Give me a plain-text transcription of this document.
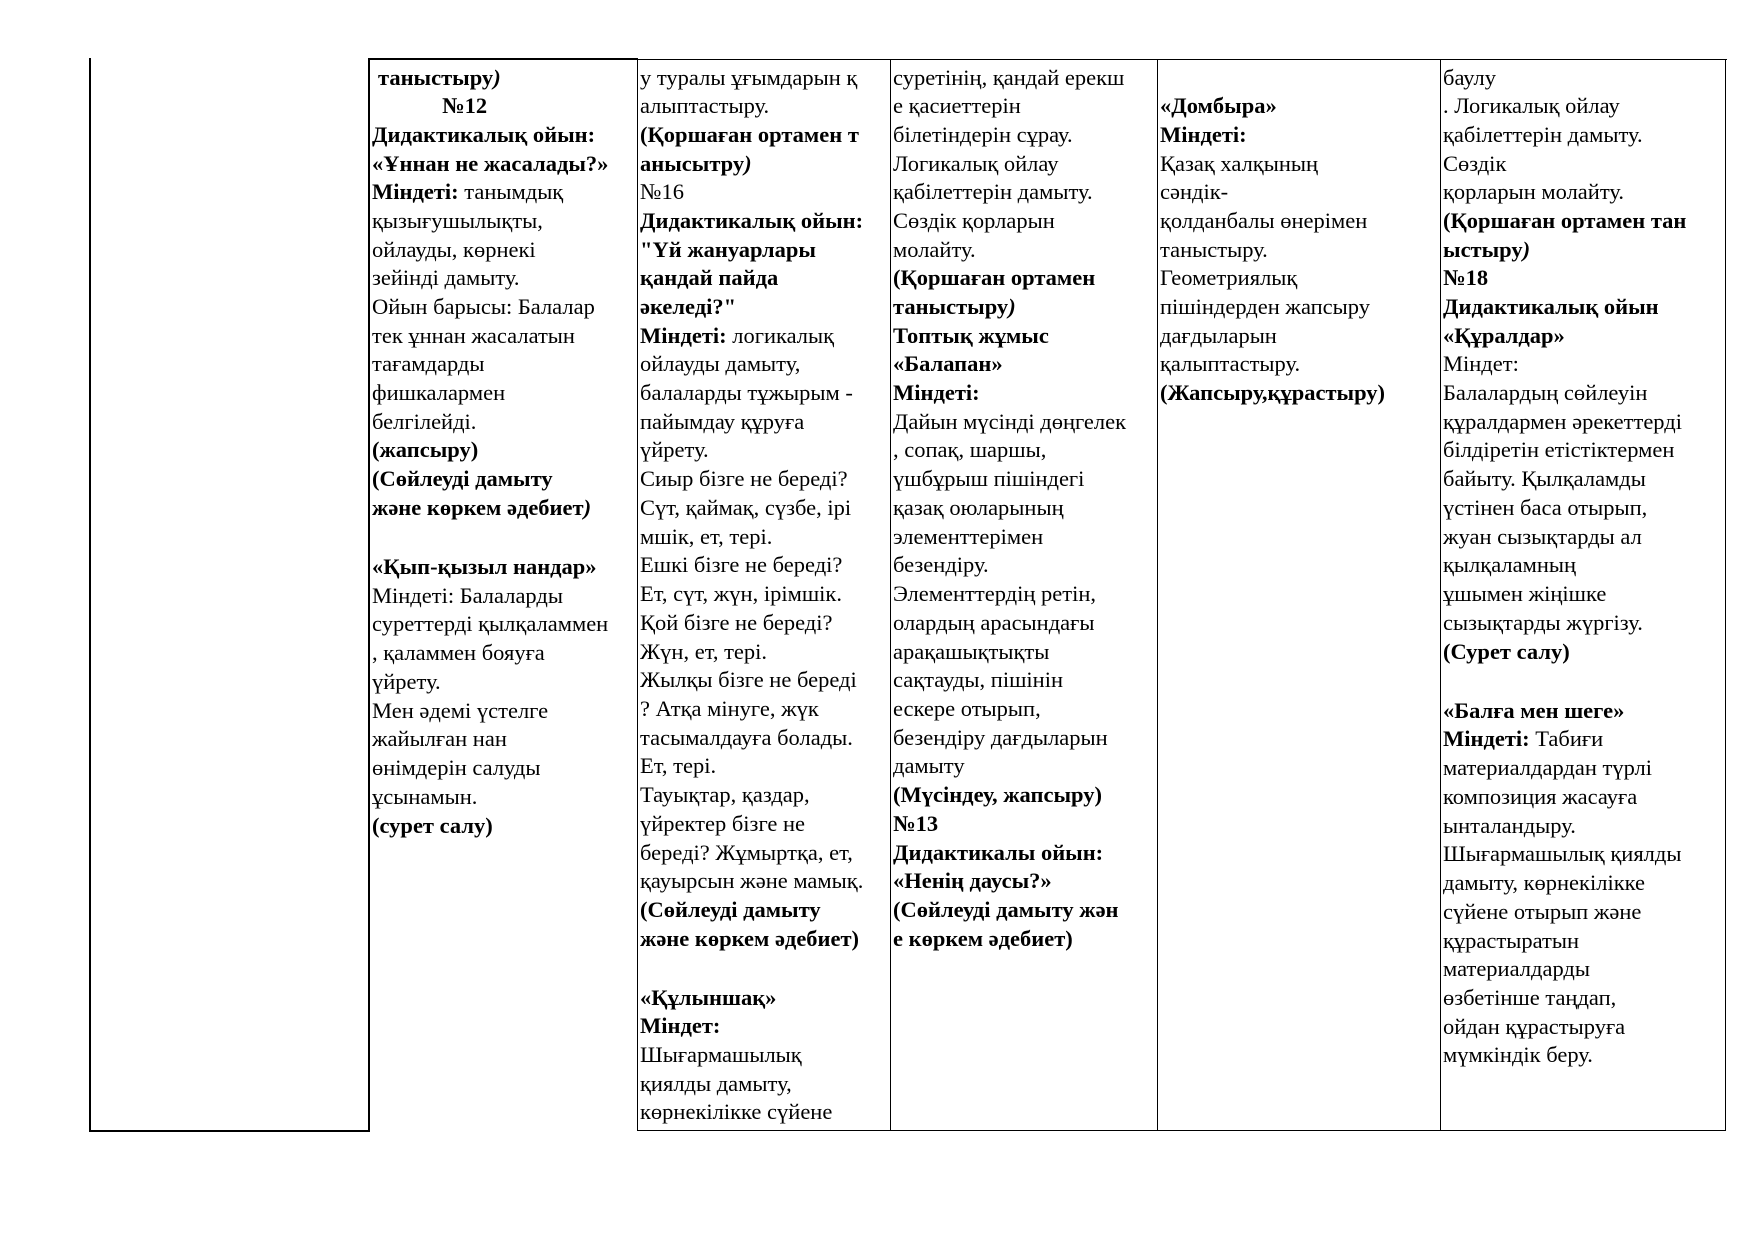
таныстыру)
№12
Дидактикалық ойын:
«Ұннан не жасалады?»
Міндеті: танымдық
қызығушылықты,
ойлауды, көрнекі
зейінді дамыту.
Ойын барысы: Балалар
тек ұннан жасалатын
тағамдарды
фишкалармен
белгілейді.
(жапсыру)
(Сөйлеуді дамыту
және көркем әдебиет)
«Қып-қызыл нандар»
Міндеті: Балаларды
суреттерді қылқаламмен
, қаламмен бояуға
үйрету.
Мен әдемі үстелге
жайылған нан
өнімдерін салуды
ұсынамын.
(сурет салу)
у туралы ұғымдарын қ
алыптастыру.
(Қоршаған ортамен т
анысытру)
№16
Дидактикалық ойын:
"Үй жануарлары
қандай пайда
әкеледі?"
Міндеті: логикалық
ойлауды дамыту,
балаларды тұжырым -
пайымдау құруға
үйрету.
Сиыр бізге не береді?
Сүт, қаймақ, сүзбе, ірі
мшік, ет, тері.
Ешкі бізге не береді?
Ет, сүт, жүн, ірімшік.
Қой бізге не береді?
Жүн, ет, тері.
Жылқы бізге не береді
? Атқа мінуге, жүк
тасымалдауға болады.
Ет, тері.
Тауықтар, қаздар,
үйректер бізге не
береді? Жұмыртқа, ет,
қауырсын және мамық.
(Сөйлеуді дамыту
және көркем әдебиет)
«Құлыншақ»
Міндет:
Шығармашылық
қиялды дамыту,
көрнекілікке сүйене
суретінің, қандай ерекш
е қасиеттерін
білетіндерін сұрау.
Логикалық ойлау
қабілеттерін дамыту.
Сөздік қорларын
молайту.
(Қоршаған ортамен
таныстыру)
Топтық жұмыс
«Балапан»
Міндеті:
Дайын мүсінді дөңгелек
, сопақ, шаршы,
үшбұрыш пішіндегі
қазақ оюларының
элементтерімен
безендіру.
Элементтердің ретін,
олардың арасындағы
арақашықтықты
сақтауды, пішінін
ескере отырып,
безендіру дағдыларын
дамыту
(Мүсіндеу, жапсыру)
№13
Дидактикалы ойын:
«Ненің даусы?»
(Сөйлеуді дамыту жән
е көркем әдебиет)
«Домбыра»
Міндеті:
Қазақ халқының
сәндік-
қолданбалы өнерімен
таныстыру.
Геометриялық
пішіндерден жапсыру
дағдыларын
қалыптастыру.
(Жапсыру,құрастыру)
баулу
. Логикалық ойлау
қабілеттерін дамыту.
Сөздік
қорларын молайту.
(Қоршаған ортамен тан
ыстыру)
№18
Дидактикалық ойын
«Құралдар»
Міндет:
Балалардың сөйлеуін
құралдармен әрекеттерді
білдіретін етістіктермен
байыту. Қылқаламды
үстінен баса отырып,
жуан сызықтарды ал
қылқаламның
ұшымен жіңішке
сызықтарды жүргізу.
(Сурет салу)
«Балға мен шеге»
Міндеті: Табиғи
материалдардан түрлі
композиция жасауға
ынталандыру.
Шығармашылық қиялды
дамыту, көрнекілікке
сүйене отырып және
құрастыратын
материалдарды
өзбетінше таңдап,
ойдан құрастыруға
мүмкіндік беру.
